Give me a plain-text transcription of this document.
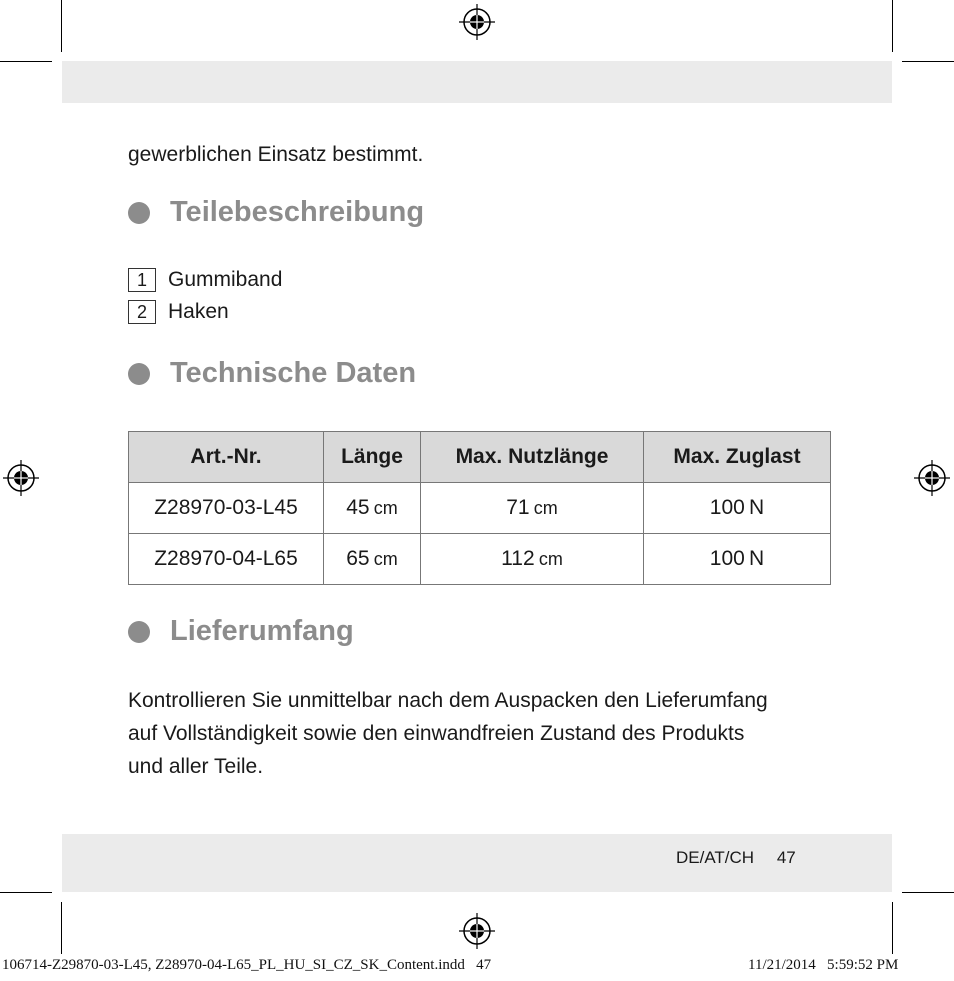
gewerblichen Einsatz bestimmt.
Teilebeschreibung
1	Gummiband
2	Haken
Technische Daten
Art.-Nr.	Länge	Max. Nutzlänge	Max. Zuglast
Z28970-03-L45	45  cm	71  cm	100  N
Z28970-04-L65	65  cm	112  cm	100  N
Lieferumfang
Kontrollieren Sie unmittelbar nach dem Auspacken den Lieferumfang
auf Vollständigkeit sowie den einwandfreien Zustand des Produkts
und aller Teile.
DE/AT/CH 47
106714-Z29870-03-L45, Z28970-04-L65_PL_HU_SI_CZ_SK_Content.indd   47	11/21/2014   5:59:52 PM
